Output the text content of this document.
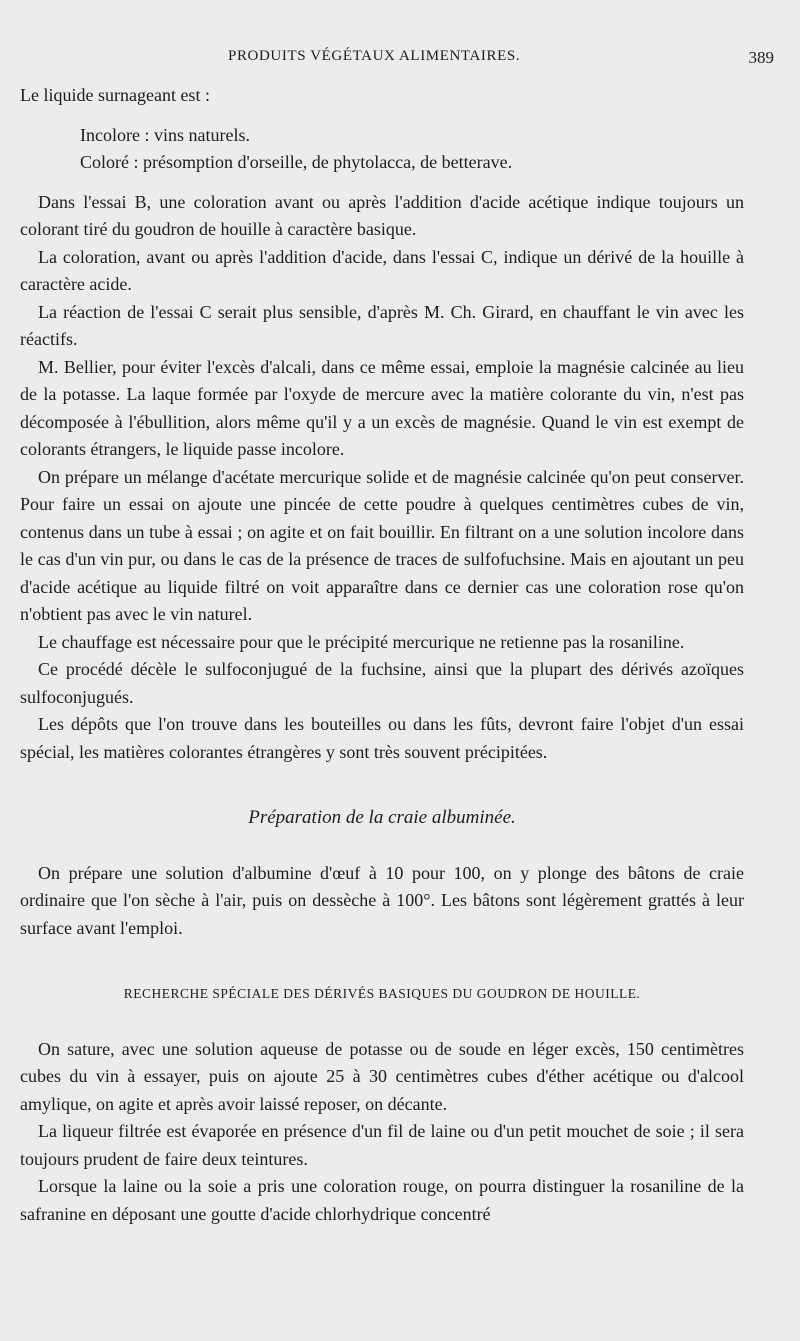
PRODUITS VÉGÉTAUX ALIMENTAIRES.	389

Le liquide surnageant est :

Incolore : vins naturels.

Coloré : présomption d'orseille, de phytolacca, de betterave.

Dans l'essai B, une coloration avant ou après l'addition d'acide acétique indique toujours un colorant tiré du goudron de houille à caractère basique.

La coloration, avant ou après l'addition d'acide, dans l'essai C, indique un dérivé de la houille à caractère acide.

La réaction de l'essai C serait plus sensible, d'après M. Ch. Girard, en chauffant le vin avec les réactifs.

M. Bellier, pour éviter l'excès d'alcali, dans ce même essai, emploie la magnésie calcinée au lieu de la potasse. La laque formée par l'oxyde de mercure avec la matière colorante du vin, n'est pas décomposée à l'ébullition, alors même qu'il y a un excès de magnésie. Quand le vin est exempt de colorants étrangers, le liquide passe incolore.

On prépare un mélange d'acétate mercurique solide et de magnésie calcinée qu'on peut conserver. Pour faire un essai on ajoute une pincée de cette poudre à quelques centimètres cubes de vin, contenus dans un tube à essai ; on agite et on fait bouillir. En filtrant on a une solution incolore dans le cas d'un vin pur, ou dans le cas de la présence de traces de sulfofuchsine. Mais en ajoutant un peu d'acide acétique au liquide filtré on voit apparaître dans ce dernier cas une coloration rose qu'on n'obtient pas avec le vin naturel.

Le chauffage est nécessaire pour que le précipité mercurique ne retienne pas la rosaniline.

Ce procédé décèle le sulfoconjugué de la fuchsine, ainsi que la plupart des dérivés azoïques sulfoconjugués.

Les dépôts que l'on trouve dans les bouteilles ou dans les fûts, devront faire l'objet d'un essai spécial, les matières colorantes étrangères y sont très souvent précipitées.

Préparation de la craie albuminée.

On prépare une solution d'albumine d'œuf à 10 pour 100, on y plonge des bâtons de craie ordinaire que l'on sèche à l'air, puis on dessèche à 100°. Les bâtons sont légèrement grattés à leur surface avant l'emploi.

RECHERCHE SPÉCIALE DES DÉRIVÉS BASIQUES DU GOUDRON DE HOUILLE.

On sature, avec une solution aqueuse de potasse ou de soude en léger excès, 150 centimètres cubes du vin à essayer, puis on ajoute 25 à 30 centimètres cubes d'éther acétique ou d'alcool amylique, on agite et après avoir laissé reposer, on décante.

La liqueur filtrée est évaporée en présence d'un fil de laine ou d'un petit mouchet de soie ; il sera toujours prudent de faire deux teintures.

Lorsque la laine ou la soie a pris une coloration rouge, on pourra distinguer la rosaniline de la safranine en déposant une goutte d'acide chlorhydrique concentré
